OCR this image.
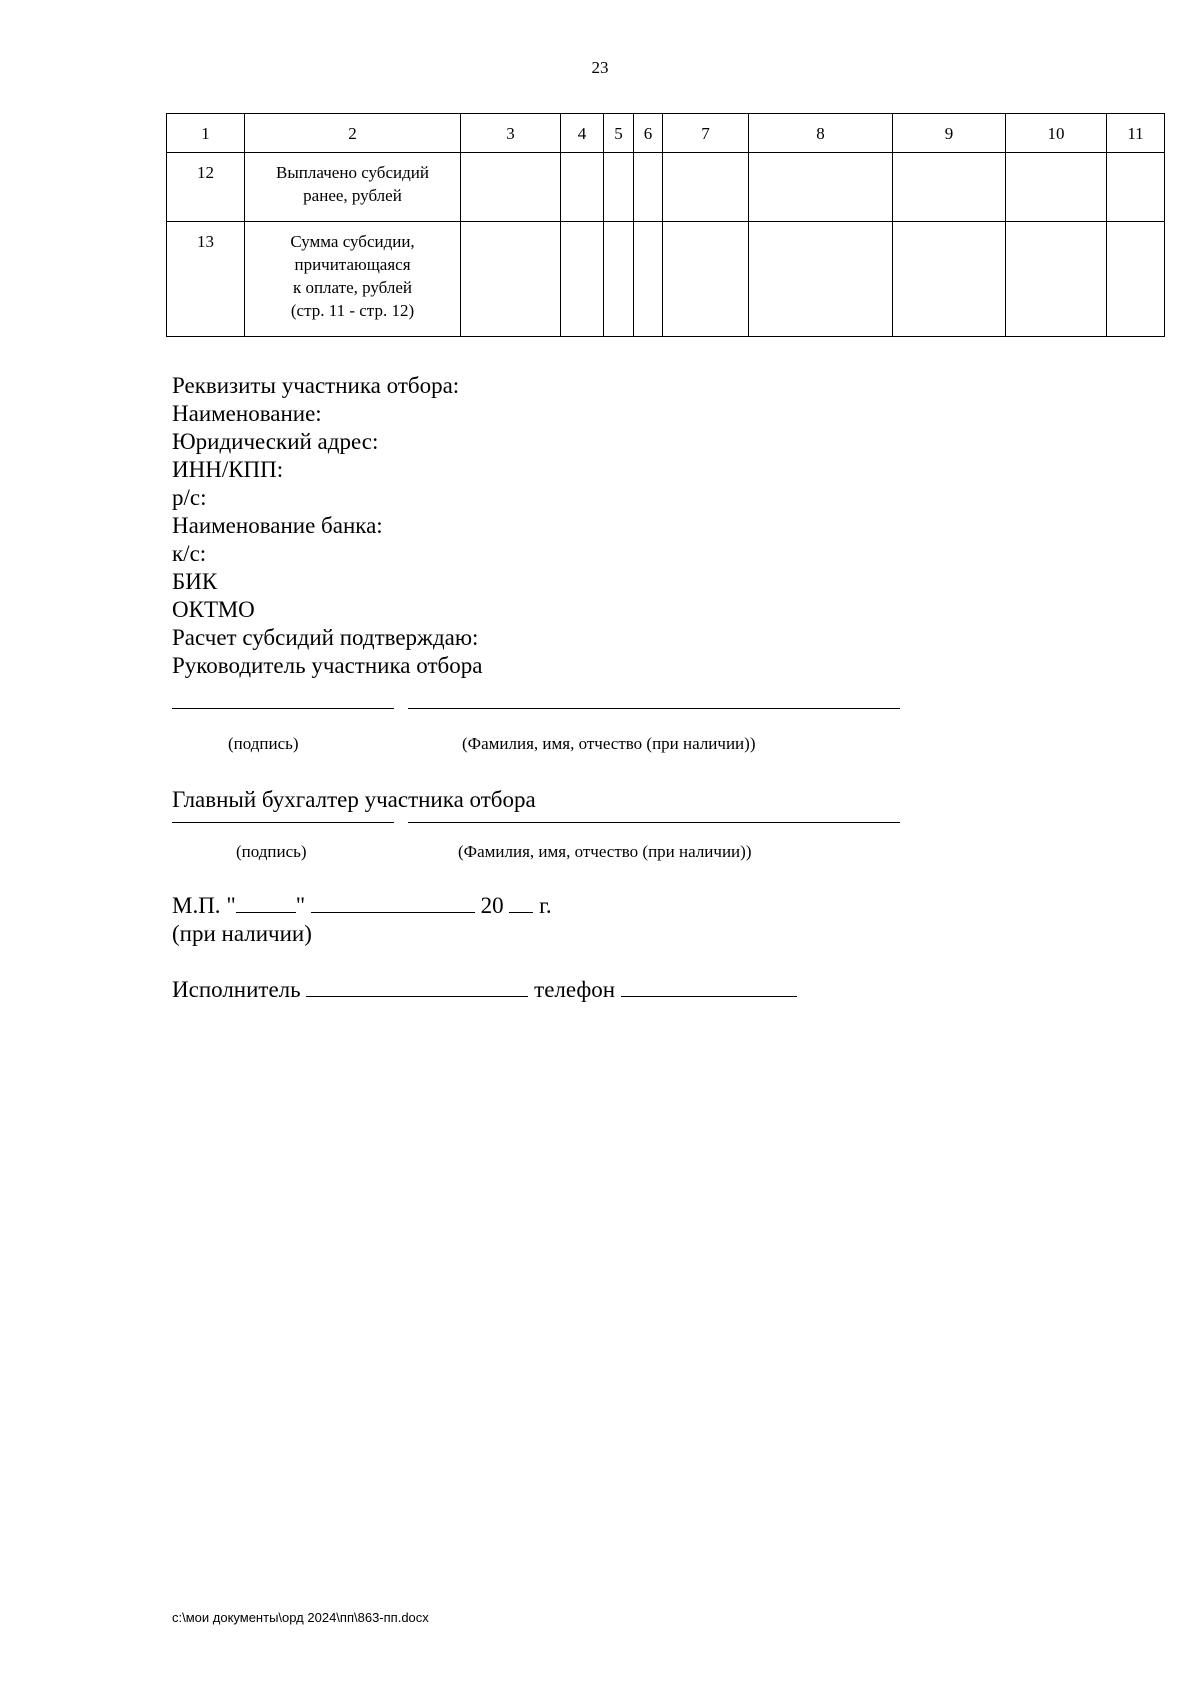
23
1	2	3	4	5	6	7	8	9	10	11
12	Выплачено субсидий
ранее, рублей									

13	Сумма субсидии,
причитающаяся
к оплате, рублей
(стр. 11 - стр. 12)									

Реквизиты участника отбора:
Наименование:
Юридический адрес:
ИНН/КПП:
р/с:
Наименование банка:
к/с:
БИК
ОКТМО
Расчет субсидий подтверждаю:
Руководитель участника отбора
(подпись)	(Фамилия, имя, отчество (при наличии))
Главный бухгалтер участника отбора
(подпись)	(Фамилия, имя, отчество (при наличии))
М.П. "	"	20 г.
(при наличии)
Исполнитель	телефон
c:\мои документы\орд 2024\пп\863-пп.docx
